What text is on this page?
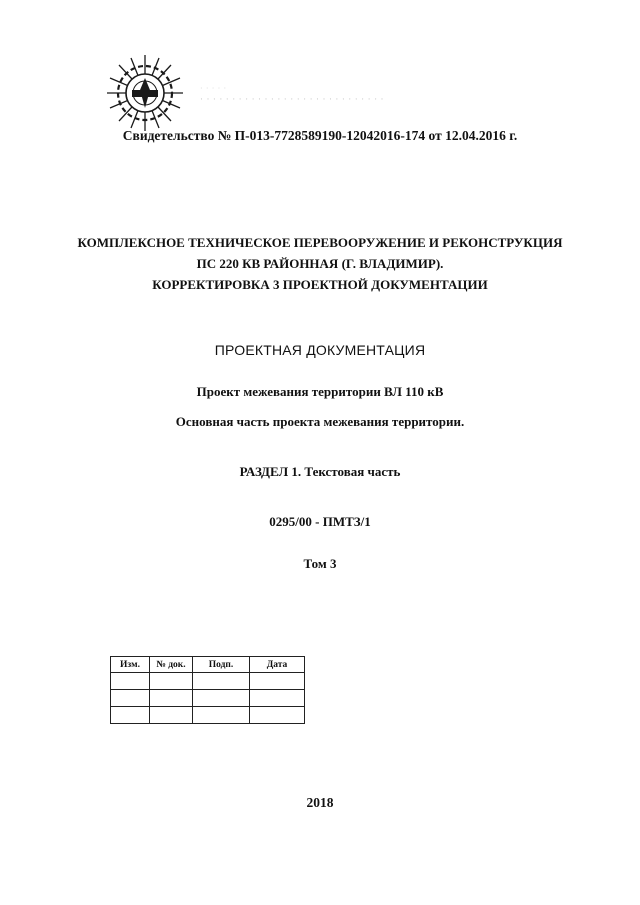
· · · · ·
· · · · · · · · · · · · · · · · · · · · · · · · · · · · ·
Свидетельство № П-013-7728589190-12042016-174 от 12.04.2016 г.
КОМПЛЕКСНОЕ ТЕХНИЧЕСКОЕ ПЕРЕВООРУЖЕНИЕ И РЕКОНСТРУКЦИЯ
ПС 220 КВ РАЙОННАЯ (Г. ВЛАДИМИР).
КОРРЕКТИРОВКА 3 ПРОЕКТНОЙ ДОКУМЕНТАЦИИ
ПРОЕКТНАЯ ДОКУМЕНТАЦИЯ
Проект межевания территории ВЛ 110 кВ
Основная часть проекта межевания территории.
РАЗДЕЛ 1. Текстовая часть
0295/00 - ПМТЗ/1
Том 3
Изм.	№ док.	Подп.	Дата

2018
